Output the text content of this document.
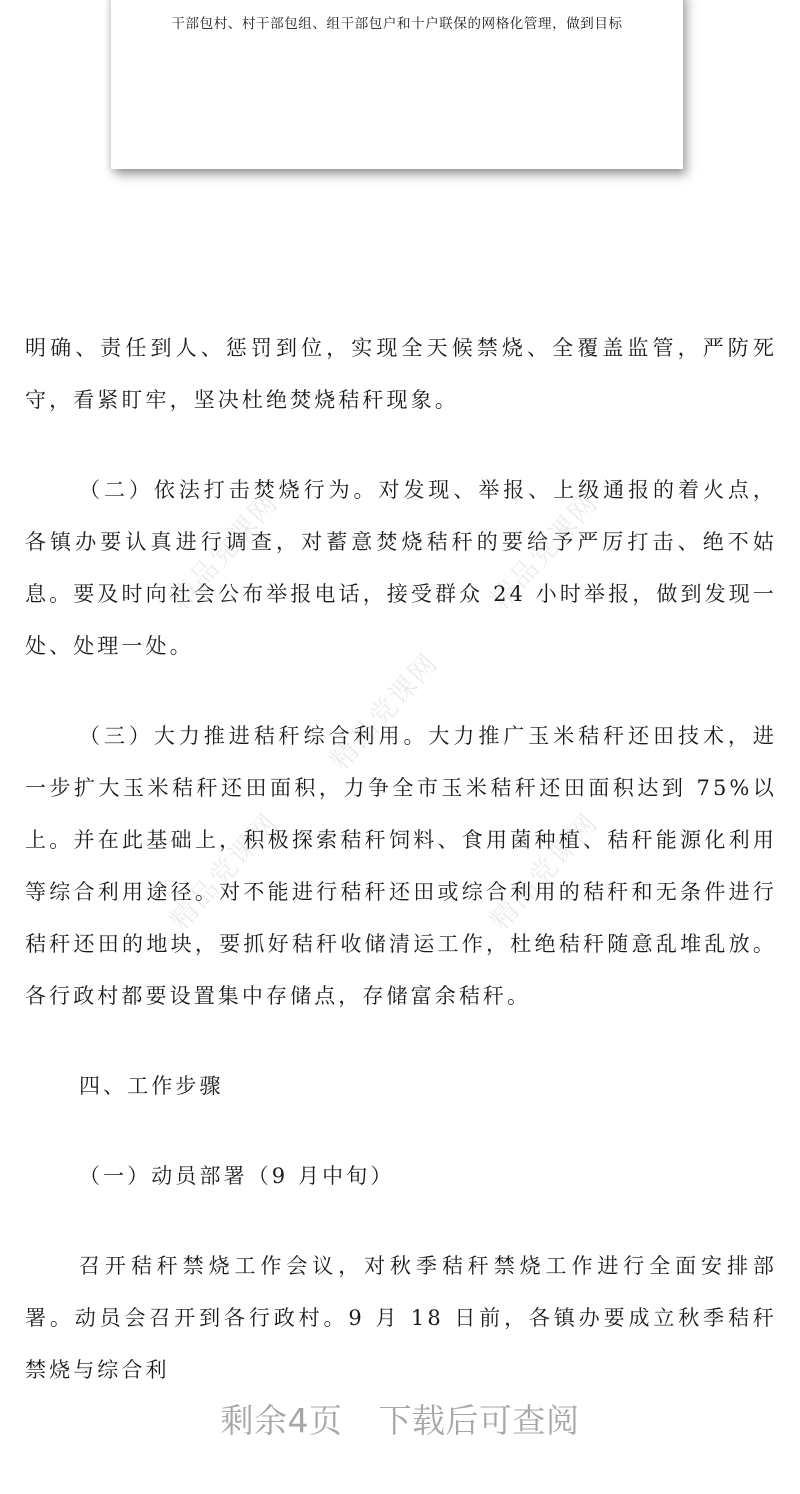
干部包村、村干部包组、组干部包户和十户联保的网格化管理，做到目标
精品党课网	精品党课网
精品党课网
精品党课网	精品党课网

明确、责任到人、惩罚到位，实现全天候禁烧、全覆盖监管，严防死守，看紧盯牢，坚决杜绝焚烧秸秆现象。

（二）依法打击焚烧行为。对发现、举报、上级通报的着火点，各镇办要认真进行调查，对蓄意焚烧秸秆的要给予严厉打击、绝不姑息。要及时向社会公布举报电话，接受群众 24 小时举报，做到发现一处、处理一处。

（三）大力推进秸秆综合利用。大力推广玉米秸秆还田技术，进一步扩大玉米秸秆还田面积，力争全市玉米秸秆还田面积达到 75%以上。并在此基础上，积极探索秸秆饲料、食用菌种植、秸秆能源化利用等综合利用途径。对不能进行秸秆还田或综合利用的秸秆和无条件进行秸秆还田的地块，要抓好秸秆收储清运工作，杜绝秸秆随意乱堆乱放。各行政村都要设置集中存储点，存储富余秸秆。

四、工作步骤

（一）动员部署（9 月中旬）

召开秸秆禁烧工作会议，对秋季秸秆禁烧工作进行全面安排部署。动员会召开到各行政村。9 月 18 日前，各镇办要成立秋季秸秆禁烧与综合利

剩余4页 下载后可查阅
